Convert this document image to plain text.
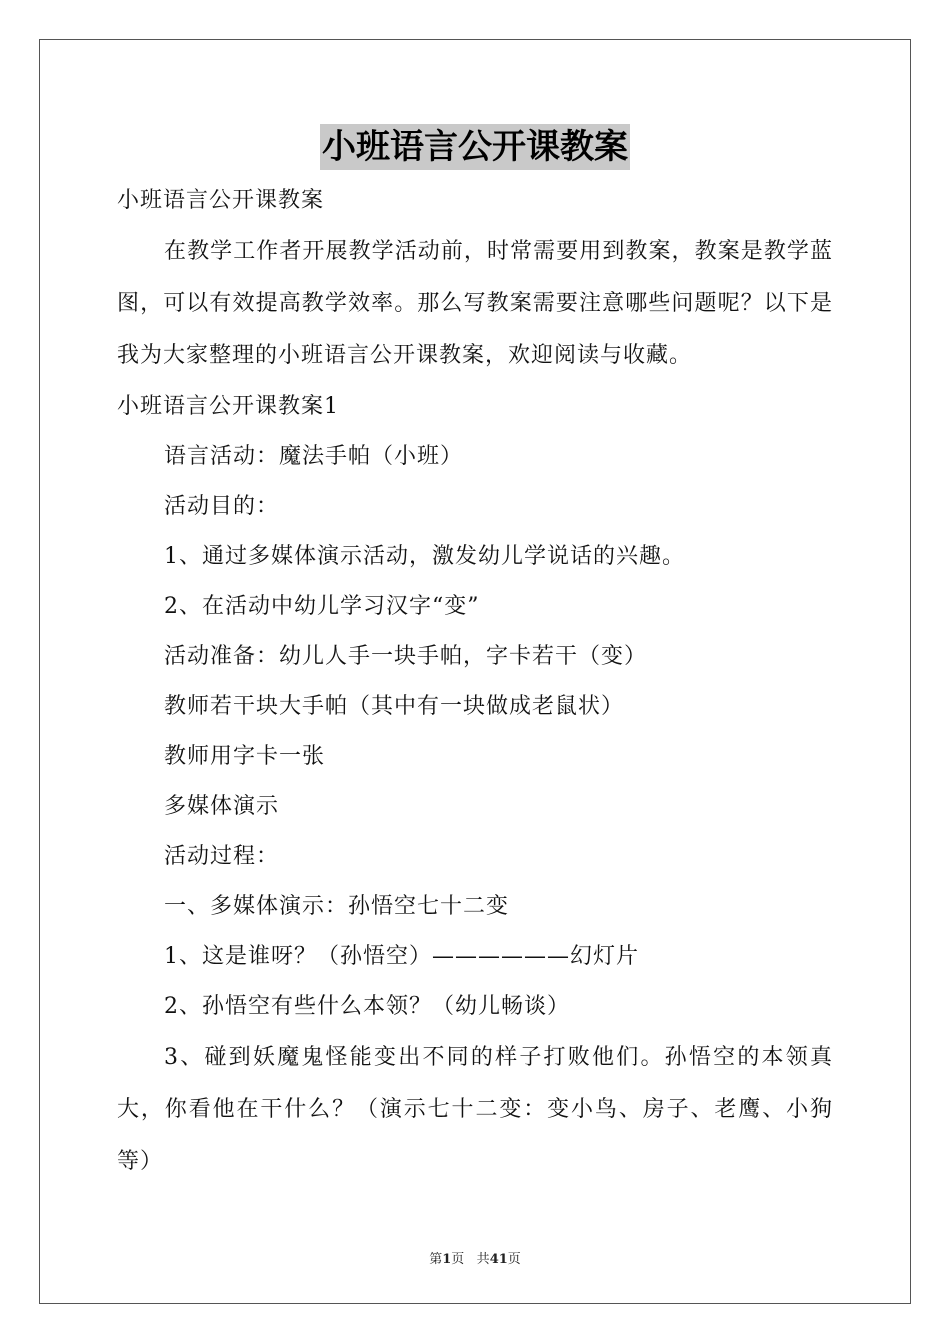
小班语言公开课教案

小班语言公开课教案

在教学工作者开展教学活动前，时常需要用到教案，教案是教学蓝图，可以有效提高教学效率。那么写教案需要注意哪些问题呢？以下是我为大家整理的小班语言公开课教案，欢迎阅读与收藏。

小班语言公开课教案1

语言活动：魔法手帕（小班）

活动目的：

1、通过多媒体演示活动，激发幼儿学说话的兴趣。

2、在活动中幼儿学习汉字“变”

活动准备：幼儿人手一块手帕，字卡若干（变）

教师若干块大手帕（其中有一块做成老鼠状）

教师用字卡一张

多媒体演示

活动过程：

一、多媒体演示：孙悟空七十二变

1、这是谁呀？（孙悟空）——————幻灯片

2、孙悟空有些什么本领？（幼儿畅谈）

3、碰到妖魔鬼怪能变出不同的样子打败他们。孙悟空的本领真大，你看他在干什么？（演示七十二变：变小鸟、房子、老鹰、小狗等）

第1页 共41页
